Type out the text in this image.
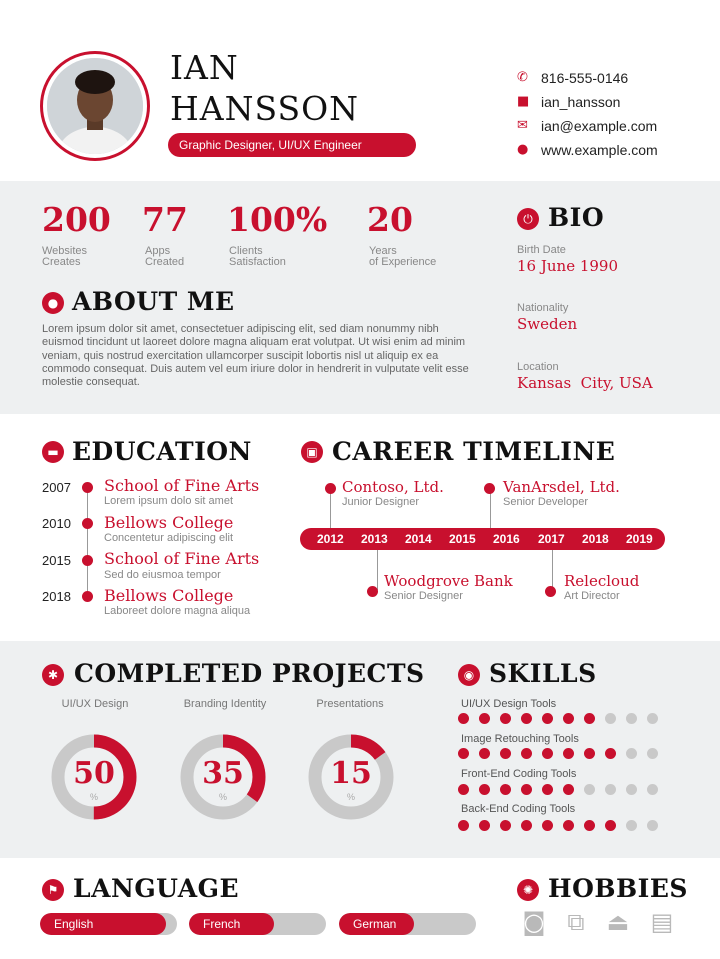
IAN
HANSSON
Graphic Designer, UI/UX Engineer
✆ 816-555-0146
■ ian_hansson
✉ ian@example.com
● www.example.com
200
Websites
Creates
77
Apps
Created
100%
Clients
Satisfaction
20
Years
of Experience
● ABOUT ME
Lorem ipsum dolor sit amet, consectetuer adipiscing elit, sed diam nonummy nibh euismod tincidunt ut laoreet dolore magna aliquam erat volutpat. Ut wisi enim ad minim veniam, quis nostrud exercitation ullamcorper suscipit lobortis nisl ut aliquip ex ea commodo consequat. Duis autem vel eum iriure dolor in hendrerit in vulputate velit esse molestie consequat.
⏻ BIO
Birth Date
16 June 1990
Nationality
Sweden
Location
Kansas  City, USA
▬ EDUCATION
2007 School of Fine Arts
Lorem ipsum dolo sit amet
2010 Bellows College
Concentetur adipiscing elit
2015 School of Fine Arts
Sed do eiusmoa tempor
2018 Bellows College
Laboreet dolore magna aliqua
▣ CAREER TIMELINE
2012 2013 2014 2015 2016 2017 2018 2019
Contoso, Ltd.
Junior Designer
VanArsdel, Ltd.
Senior Developer
Woodgrove Bank
Senior Designer
Relecloud
Art Director
✱ COMPLETED PROJECTS
UI/UX Design	Branding Identity	Presentations
50
%
35
%
15
%
◉ SKILLS
UI/UX Design Tools
Image Retouching Tools
Front-End Coding Tools
Back-End Coding Tools
⚑ LANGUAGE
English	French	German
✺ HOBBIES
◙ ⧉ ⏏ ▤
